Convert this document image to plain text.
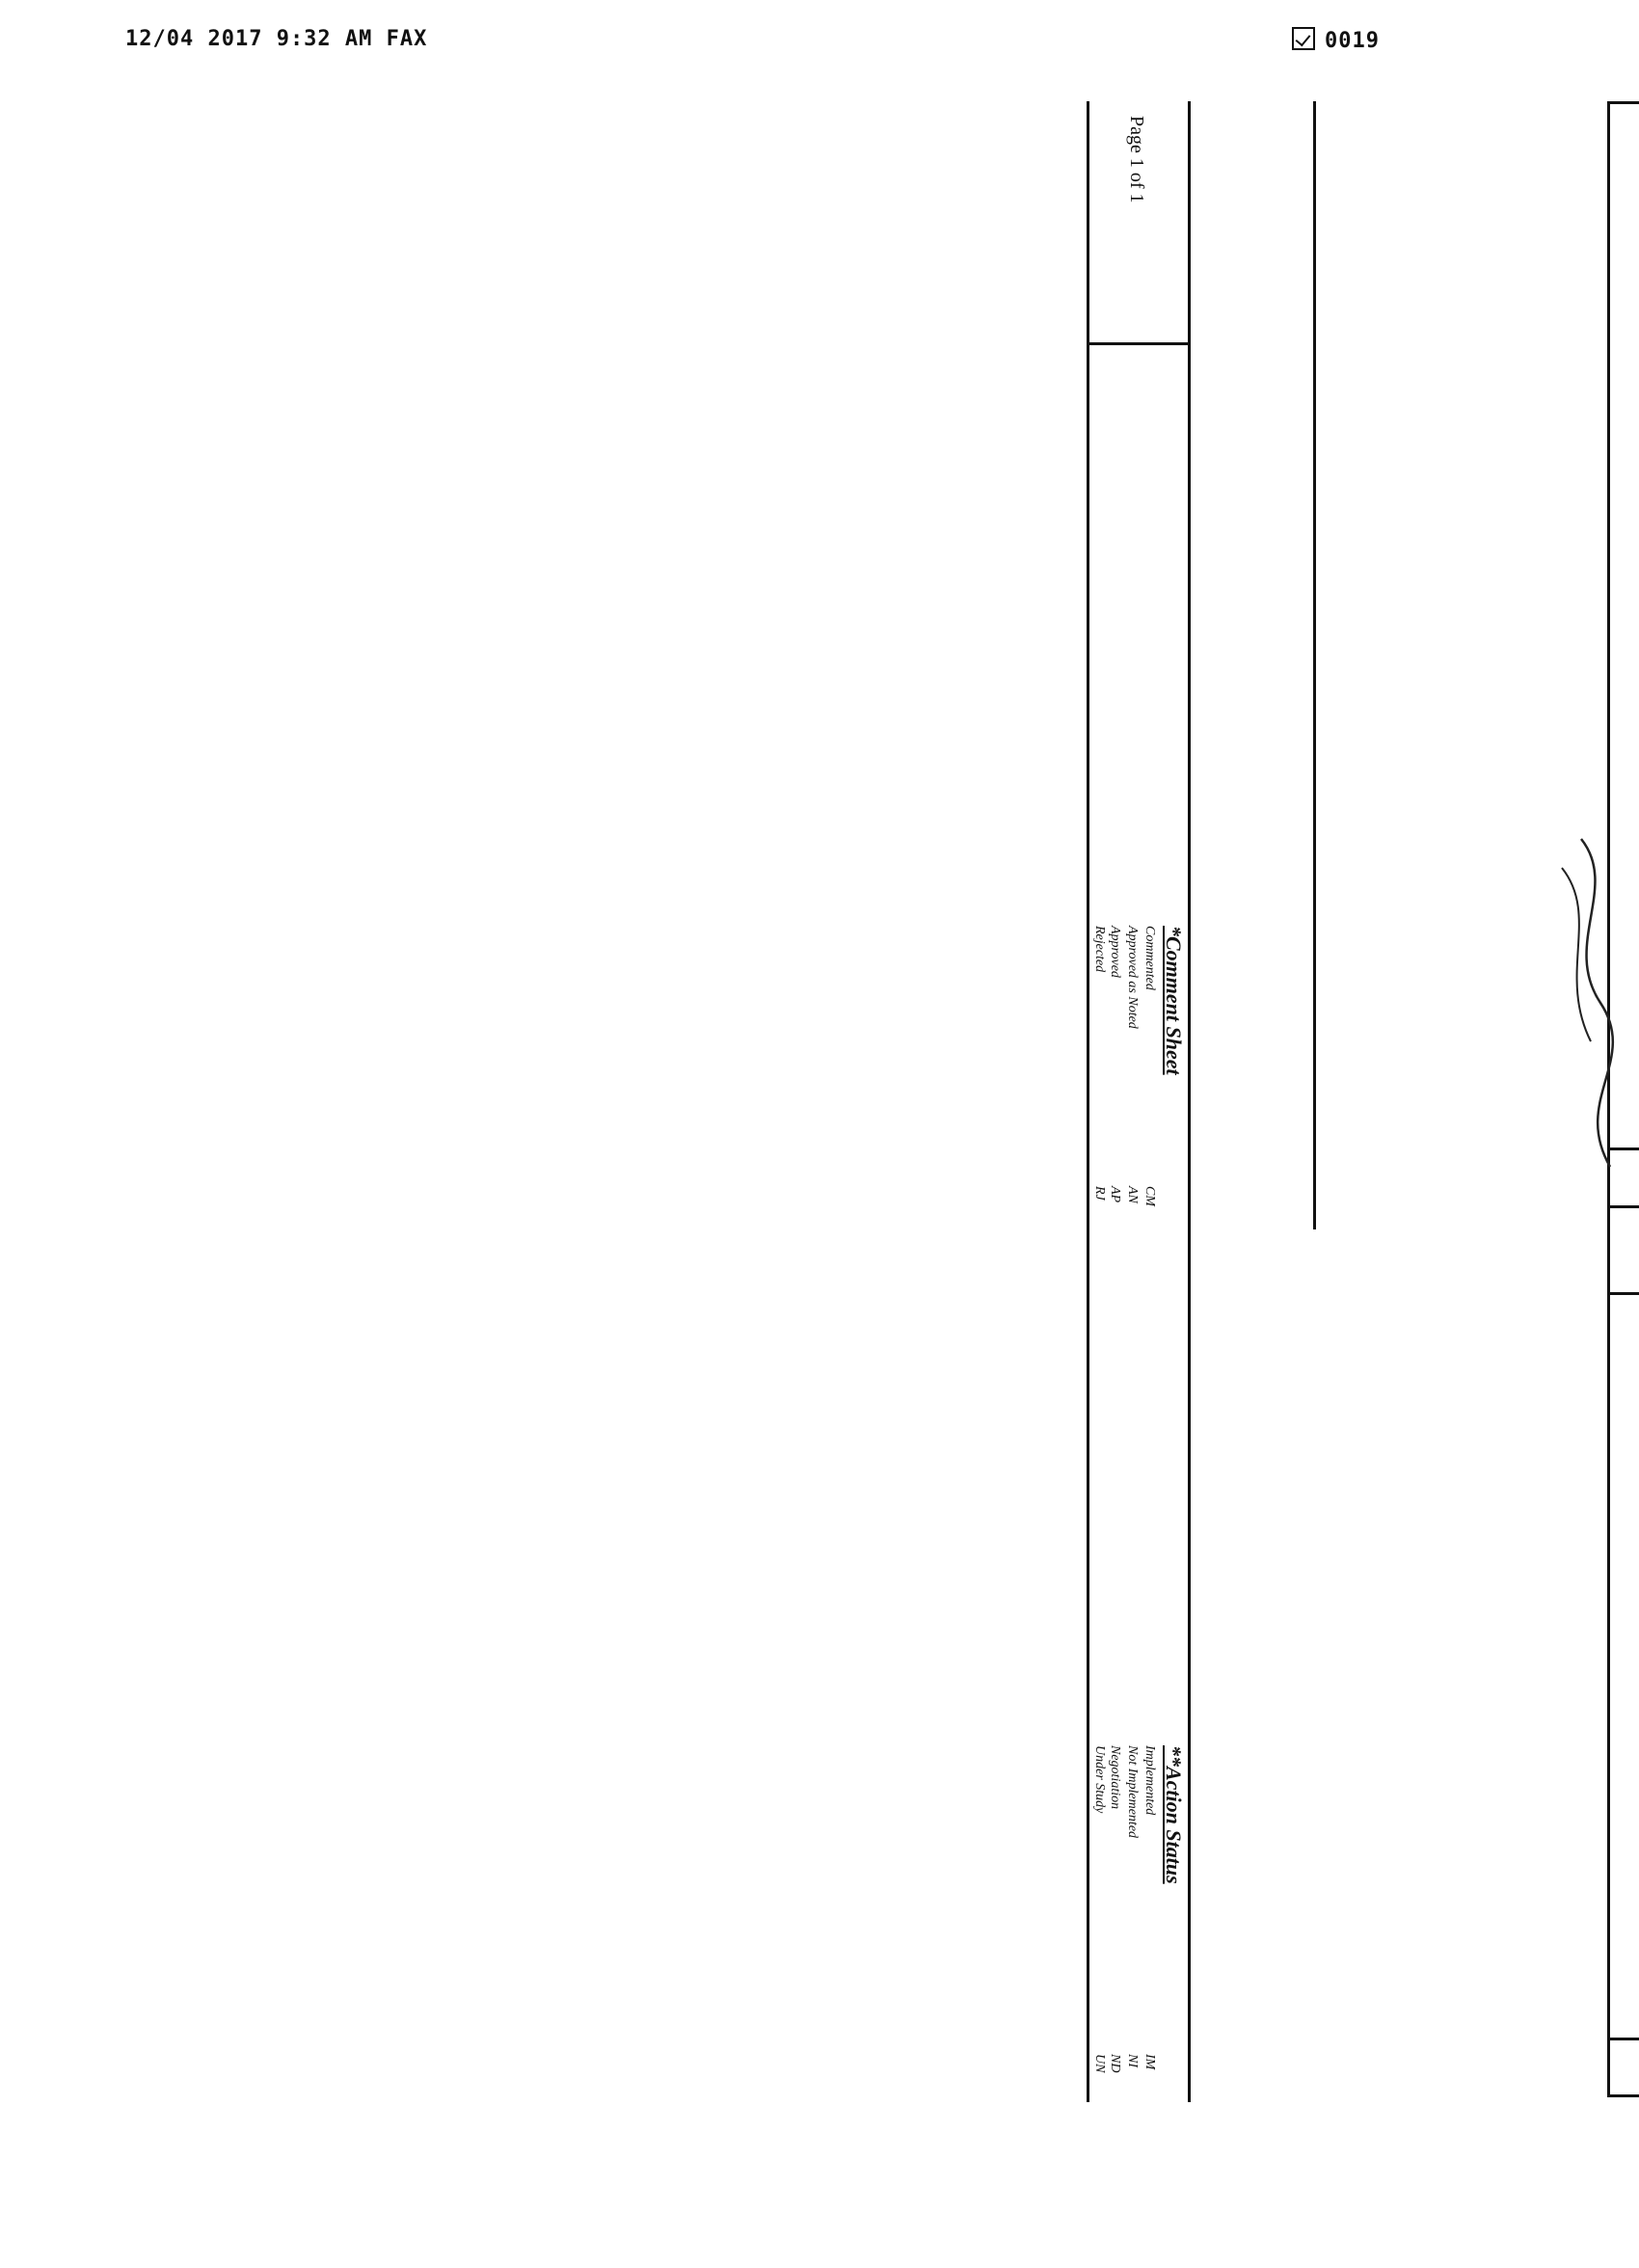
12/04 2017 9:32 AM FAX	0019
Page 1 of 1
*Comment Sheet
CM
Commented
AN
Approved as Noted
AP
Approved
RJ
Rejected
**Action Status
IM
Implemented
NI
Not Implemented
ND
Negotiation
UN
Under Study
